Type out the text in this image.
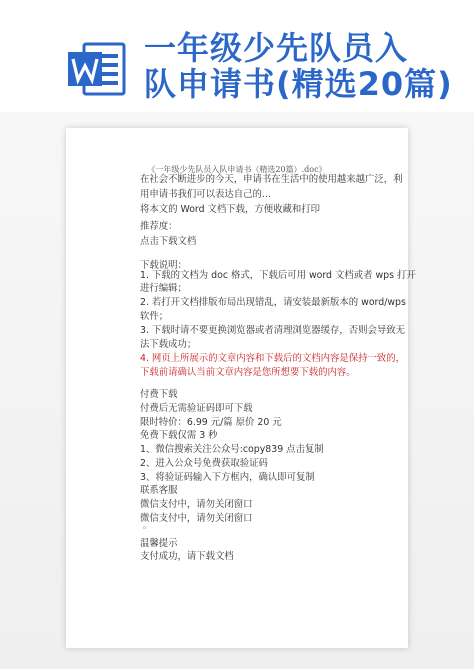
一年级少先队员入
队申请书(精选20篇)
《一年级少先队员入队申请书（精选20篇）.doc》
在社会不断进步的今天，申请书在生活中的使用越来越广泛，利
用申请书我们可以表达自己的...
将本文的 Word 文档下载，方便收藏和打印
推荐度：
点击下载文档
下载说明：
1. 下载的文档为 doc 格式，下载后可用 word 文档或者 wps 打开
进行编辑；
2. 若打开文档排版布局出现错乱，请安装最新版本的 word/wps
软件；
3. 下载时请不要更换浏览器或者清理浏览器缓存，否则会导致无
法下载成功；
4. 网页上所展示的文章内容和下载后的文档内容是保持一致的，
下载前请确认当前文章内容是您所想要下载的内容。
付费下载
付费后无需验证码即可下载
限时特价：6.99 元/篇 原价 20 元
免费下载仅需 3 秒
1、微信搜索关注公众号:copy839 点击复制
2、进入公众号免费获取验证码
3、将验证码输入下方框内，确认即可复制
联系客服
微信支付中，请勿关闭窗口
微信支付中，请勿关闭窗口
◦
温馨提示
支付成功，请下载文档
